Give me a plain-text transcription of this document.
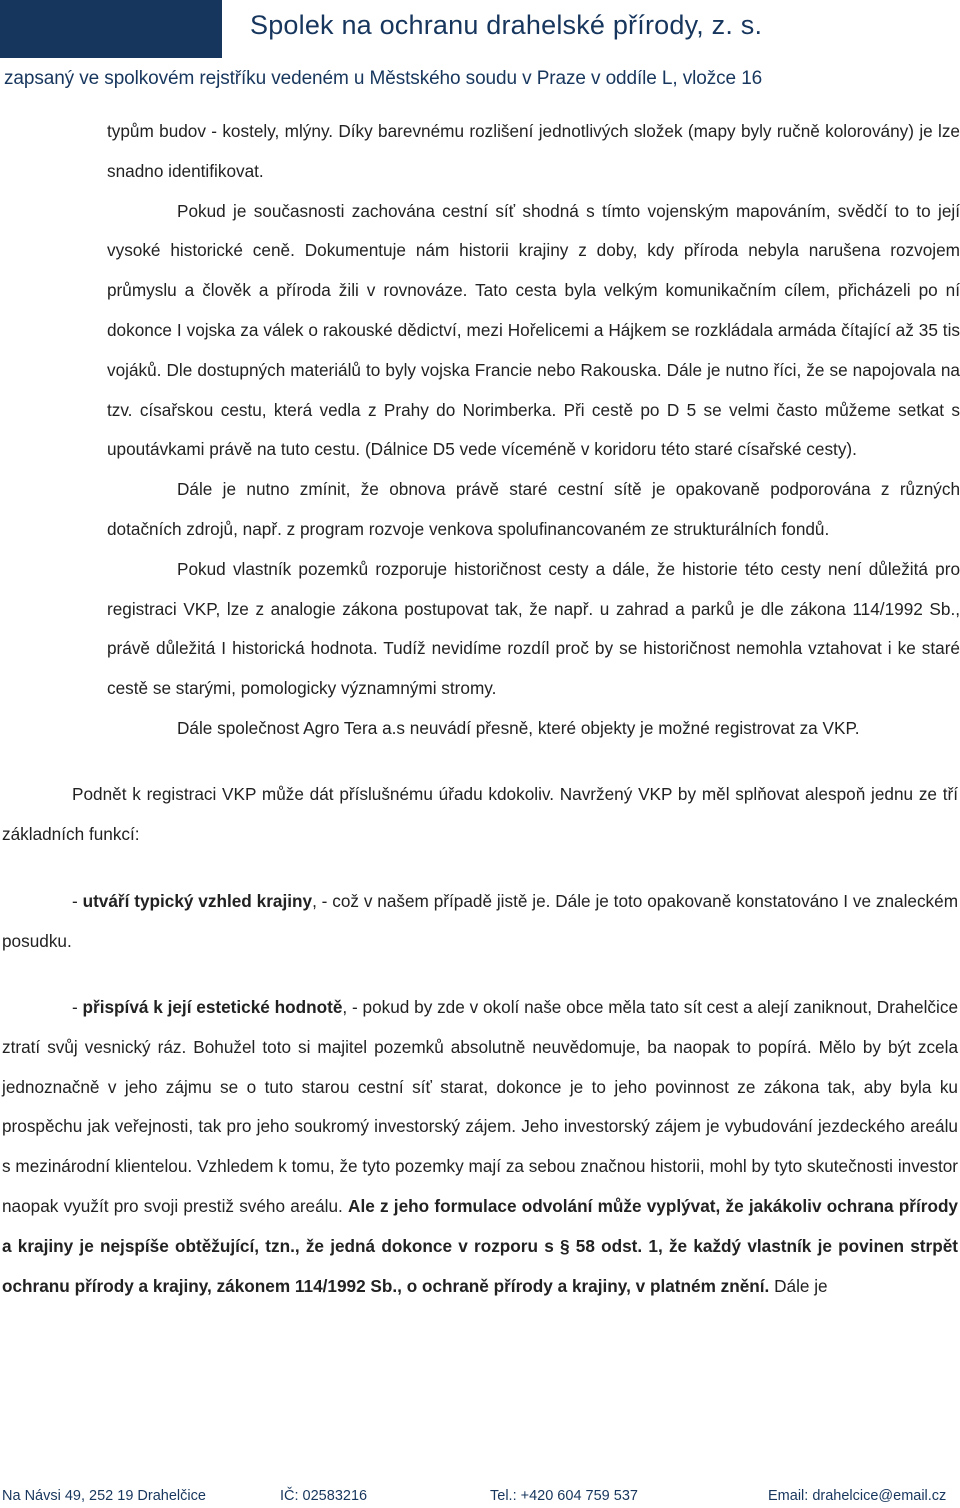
Spolek na ochranu drahelské přírody, z. s.
zapsaný ve spolkovém rejstříku vedeném u Městského soudu v Praze v oddíle L, vložce 16

typům budov - kostely, mlýny. Díky barevnému rozlišení jednotlivých složek (mapy byly ručně kolorovány) je lze snadno identifikovat.

Pokud je současnosti zachována cestní síť shodná s tímto vojenským mapováním, svědčí to to její vysoké historické ceně. Dokumentuje nám historii krajiny z doby, kdy příroda nebyla narušena rozvojem průmyslu a člověk a příroda žili v rovnováze. Tato cesta byla velkým komunikačním cílem, přicházeli po ní dokonce I vojska za válek o rakouské dědictví, mezi Hořelicemi a Hájkem se rozkládala armáda čítající až 35 tis vojáků. Dle dostupných materiálů to byly vojska Francie nebo Rakouska. Dále je nutno říci, že se napojovala na tzv. císařskou cestu, která vedla z Prahy do Norimberka. Při cestě po D 5 se velmi často můžeme setkat s upoutávkami právě na tuto cestu. (Dálnice D5 vede víceméně v koridoru této staré císařské cesty).

Dále je nutno zmínit, že obnova právě staré cestní sítě je opakovaně podporována z různých dotačních zdrojů, např. z program rozvoje venkova spolufinancovaném ze strukturálních fondů.

Pokud vlastník pozemků rozporuje historičnost cesty a dále, že historie této cesty není důležitá pro registraci VKP, lze z analogie zákona postupovat tak, že např. u zahrad a parků je dle zákona 114/1992 Sb., právě důležitá I historická hodnota. Tudíž nevidíme rozdíl proč by se historičnost nemohla vztahovat i ke staré cestě se starými, pomologicky významnými stromy.

Dále společnost Agro Tera a.s neuvádí přesně, které objekty je možné registrovat za VKP.

Podnět k registraci VKP může dát příslušnému úřadu kdokoliv. Navržený VKP by měl splňovat alespoň jednu ze tří základních funkcí:

- utváří typický vzhled krajiny, - což v našem případě jistě je. Dále je toto opakovaně konstatováno I ve znaleckém posudku.

- přispívá k její estetické hodnotě, - pokud by zde v okolí naše obce měla tato sít cest a alejí zaniknout, Drahelčice ztratí svůj vesnický ráz. Bohužel toto si majitel pozemků absolutně neuvědomuje, ba naopak to popírá. Mělo by být zcela jednoznačně v jeho zájmu se o tuto starou cestní síť starat, dokonce je to jeho povinnost ze zákona tak, aby byla ku prospěchu jak veřejnosti, tak pro jeho soukromý investorský zájem. Jeho investorský zájem je vybudování jezdeckého areálu s mezinárodní klientelou. Vzhledem k tomu, že tyto pozemky mají za sebou značnou historii, mohl by tyto skutečnosti investor naopak využít pro svoji prestiž svého areálu. Ale z jeho formulace odvolání může vyplývat, že jakákoliv ochrana přírody a krajiny je nejspíše obtěžující, tzn., že jedná dokonce v rozporu s § 58 odst. 1, že každý vlastník je povinen strpět ochranu přírody a krajiny, zákonem 114/1992 Sb., o ochraně přírody a krajiny, v platném znění. Dále je

Na Návsi 49, 252 19 Drahelčice	IČ: 02583216	Tel.: +420 604 759 537	Email: drahelcice@email.cz
